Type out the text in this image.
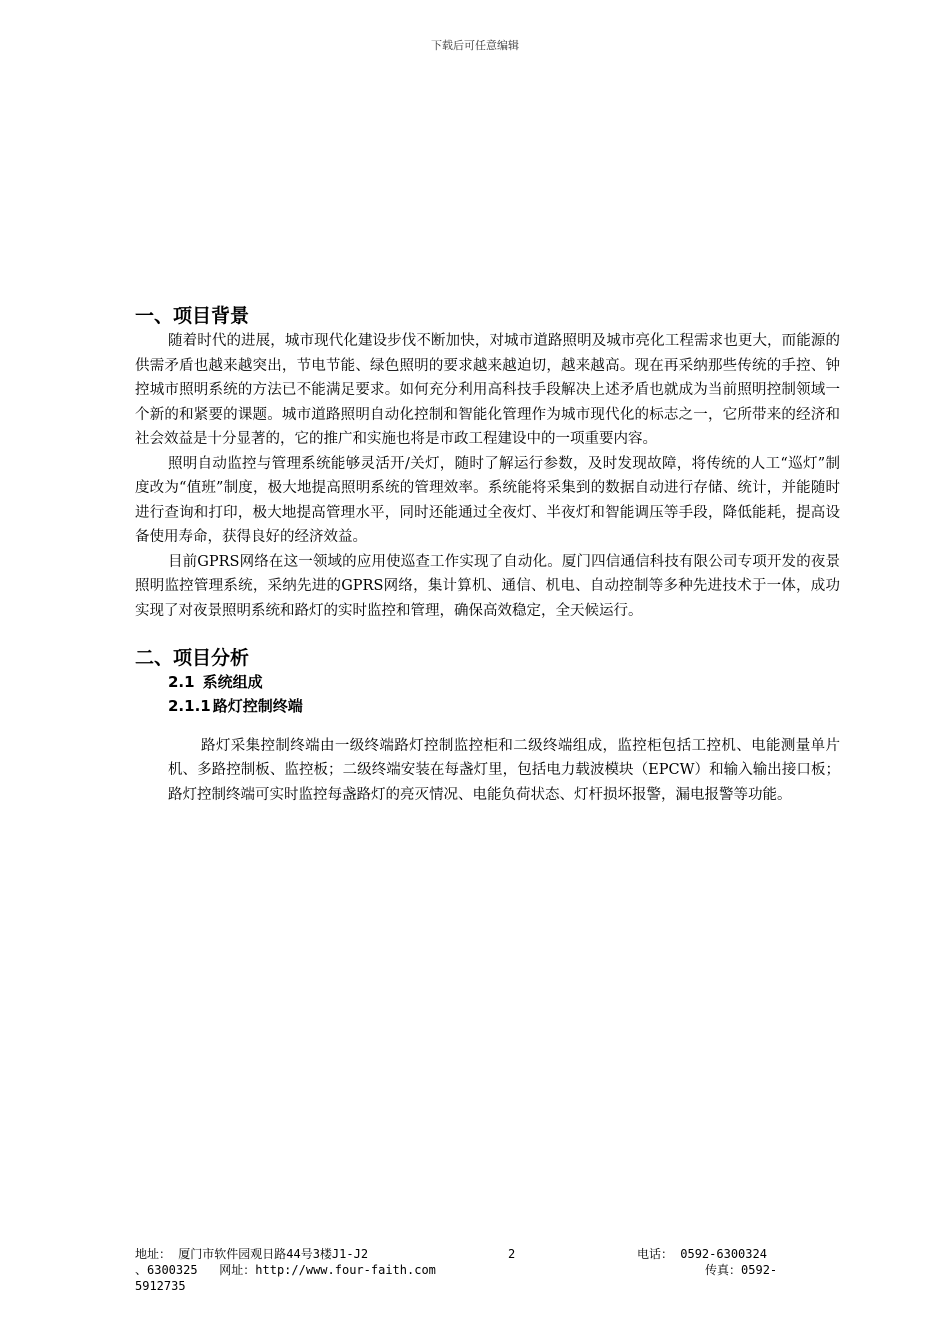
下载后可任意编辑
一、项目背景

随着时代的进展，城市现代化建设步伐不断加快，对城市道路照明及城市亮化工程需求也更大，而能源的供需矛盾也越来越突出，节电节能、绿色照明的要求越来越迫切，越来越高。现在再采纳那些传统的手控、钟控城市照明系统的方法已不能满足要求。如何充分利用高科技手段解决上述矛盾也就成为当前照明控制领域一个新的和紧要的课题。城市道路照明自动化控制和智能化管理作为城市现代化的标志之一，它所带来的经济和社会效益是十分显著的，它的推广和实施也将是市政工程建设中的一项重要内容。

照明自动监控与管理系统能够灵活开/关灯，随时了解运行参数，及时发现故障，将传统的人工“巡灯”制度改为“值班”制度，极大地提高照明系统的管理效率。系统能将采集到的数据自动进行存储、统计，并能随时进行查询和打印，极大地提高管理水平，同时还能通过全夜灯、半夜灯和智能调压等手段，降低能耗，提高设备使用寿命，获得良好的经济效益。

目前GPRS网络在这一领域的应用使巡查工作实现了自动化。厦门四信通信科技有限公司专项开发的夜景照明监控管理系统，采纳先进的GPRS网络，集计算机、通信、机电、自动控制等多种先进技术于一体，成功实现了对夜景照明系统和路灯的实时监控和管理，确保高效稳定，全天候运行。

二、项目分析
2.1 系统组成
2.1.1 路灯控制终端

路灯采集控制终端由一级终端路灯控制监控柜和二级终端组成，监控柜包括工控机、电能测量单片机、多路控制板、监控板；二级终端安装在每盏灯里，包括电力载波模块（EPCW）和输入输出接口板；路灯控制终端可实时监控每盏路灯的亮灭情况、电能负荷状态、灯杆损坏报警，漏电报警等功能。

地址： 厦门市软件园观日路44号3楼J1-J2	2	电话： 0592-6300324
、6300325 网址：http://www.four-faith.com	传真：0592-
5912735
